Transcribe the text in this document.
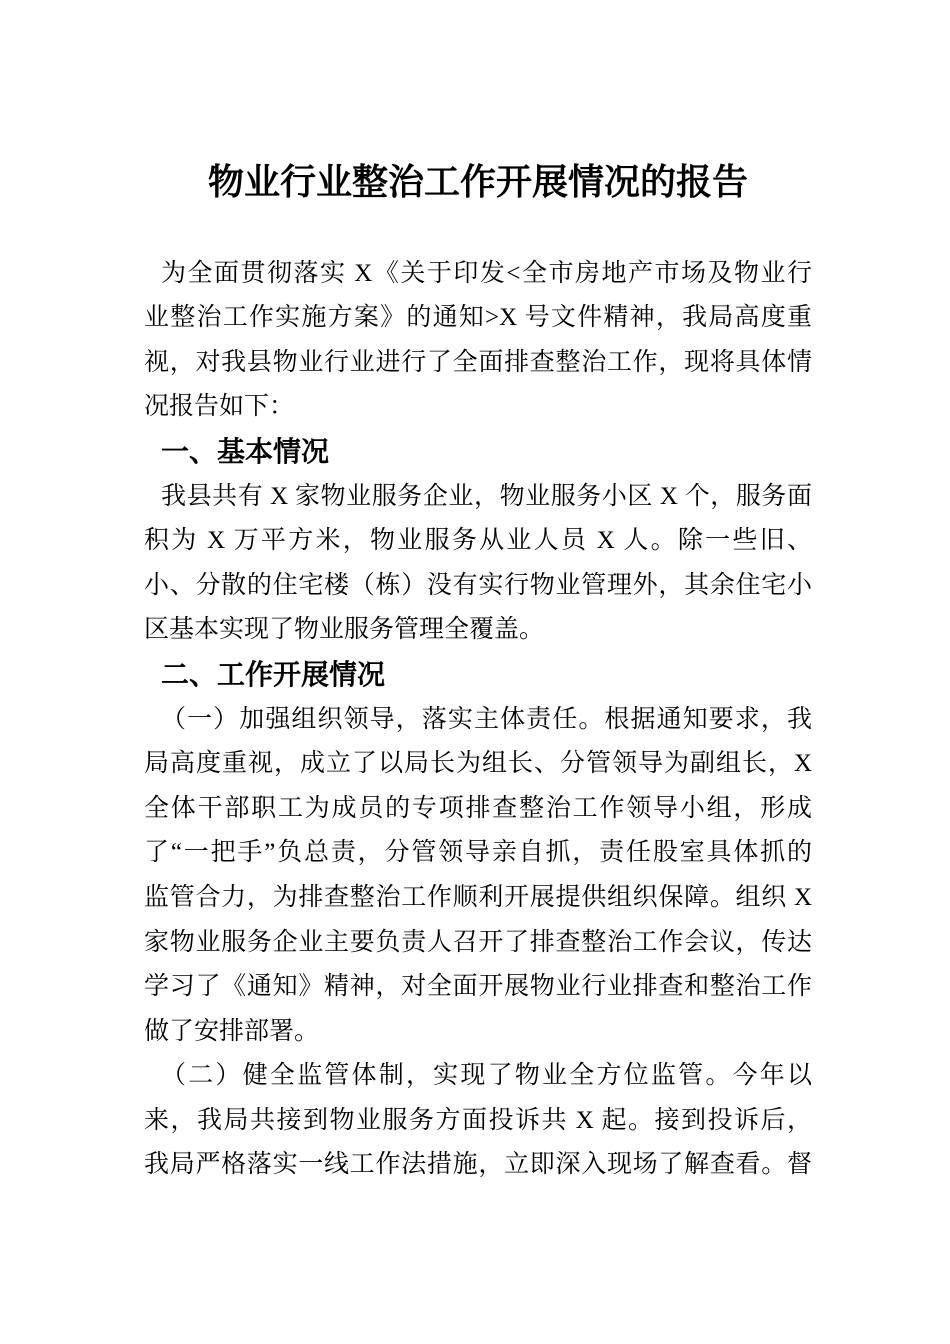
物业行业整治工作开展情况的报告
为全面贯彻落实 X《关于印发<全市房地产市场及物业行
业整治工作实施方案》的通知>X 号文件精神，我局高度重
视，对我县物业行业进行了全面排查整治工作，现将具体情
况报告如下：
一、基本情况
我县共有 X 家物业服务企业，物业服务小区 X 个，服务面
积为 X 万平方米，物业服务从业人员 X 人。除一些旧、
小、分散的住宅楼（栋）没有实行物业管理外，其余住宅小
区基本实现了物业服务管理全覆盖。
二、工作开展情况
（一）加强组织领导，落实主体责任。根据通知要求，我
局高度重视，成立了以局长为组长、分管领导为副组长，X
全体干部职工为成员的专项排查整治工作领导小组，形成
了“一把手”负总责，分管领导亲自抓，责任股室具体抓的
监管合力，为排查整治工作顺利开展提供组织保障。组织 X
家物业服务企业主要负责人召开了排查整治工作会议，传达
学习了《通知》精神，对全面开展物业行业排查和整治工作
做了安排部署。
（二）健全监管体制，实现了物业全方位监管。今年以
来，我局共接到物业服务方面投诉共 X 起。接到投诉后，
我局严格落实一线工作法措施，立即深入现场了解查看。督
